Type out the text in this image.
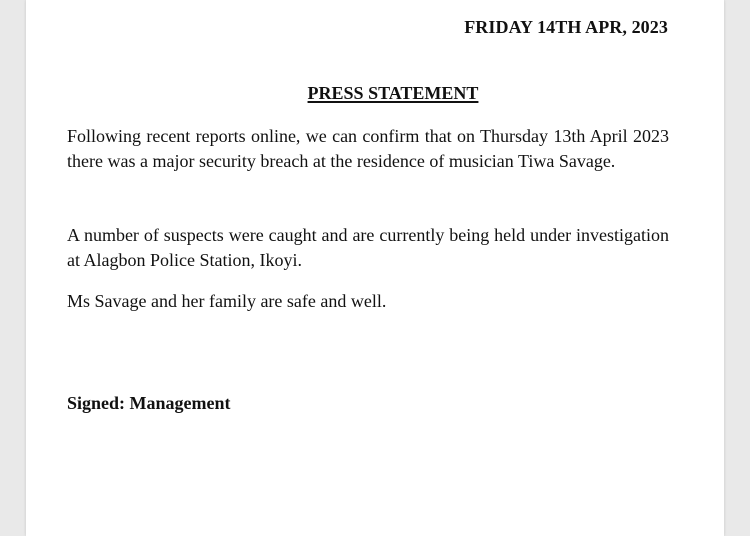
FRIDAY 14TH APR, 2023
PRESS STATEMENT
Following recent reports online, we can confirm that on Thursday 13th April 2023 there was a major security breach at the residence of musician Tiwa Savage.
A number of suspects were caught and are currently being held under investigation at Alagbon Police Station, Ikoyi.
Ms Savage and her family are safe and well.
Signed: Management
